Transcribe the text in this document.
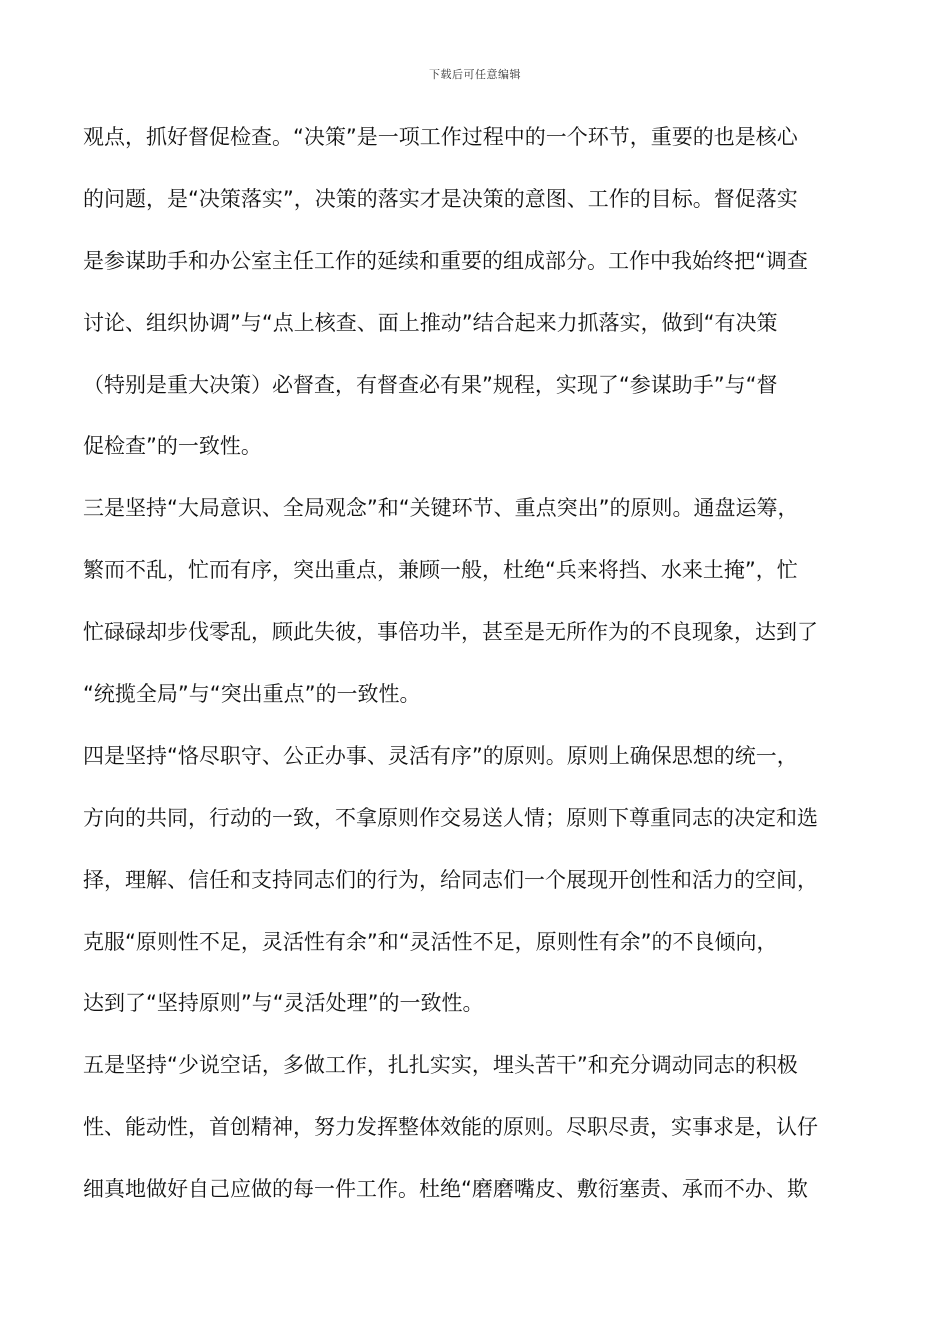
下载后可任意编辑
观点，抓好督促检查。“决策”是一项工作过程中的一个环节，重要的也是核心
的问题，是“决策落实”，决策的落实才是决策的意图、工作的目标。督促落实
是参谋助手和办公室主任工作的延续和重要的组成部分。工作中我始终把“调查
讨论、组织协调”与“点上核查、面上推动”结合起来力抓落实，做到“有决策
（特别是重大决策）必督查，有督查必有果”规程，实现了“参谋助手”与“督
促检查”的一致性。
三是坚持“大局意识、全局观念”和“关键环节、重点突出”的原则。通盘运筹，
繁而不乱，忙而有序，突出重点，兼顾一般，杜绝“兵来将挡、水来土掩”，忙
忙碌碌却步伐零乱，顾此失彼，事倍功半，甚至是无所作为的不良现象，达到了
“统揽全局”与“突出重点”的一致性。
四是坚持“恪尽职守、公正办事、灵活有序”的原则。原则上确保思想的统一，
方向的共同，行动的一致，不拿原则作交易送人情；原则下尊重同志的决定和选
择，理解、信任和支持同志们的行为，给同志们一个展现开创性和活力的空间，
克服“原则性不足，灵活性有余”和“灵活性不足，原则性有余”的不良倾向，
达到了“坚持原则”与“灵活处理”的一致性。
五是坚持“少说空话，多做工作，扎扎实实，埋头苦干”和充分调动同志的积极
性、能动性，首创精神，努力发挥整体效能的原则。尽职尽责，实事求是，认仔
细真地做好自己应做的每一件工作。杜绝“磨磨嘴皮、敷衍塞责、承而不办、欺
